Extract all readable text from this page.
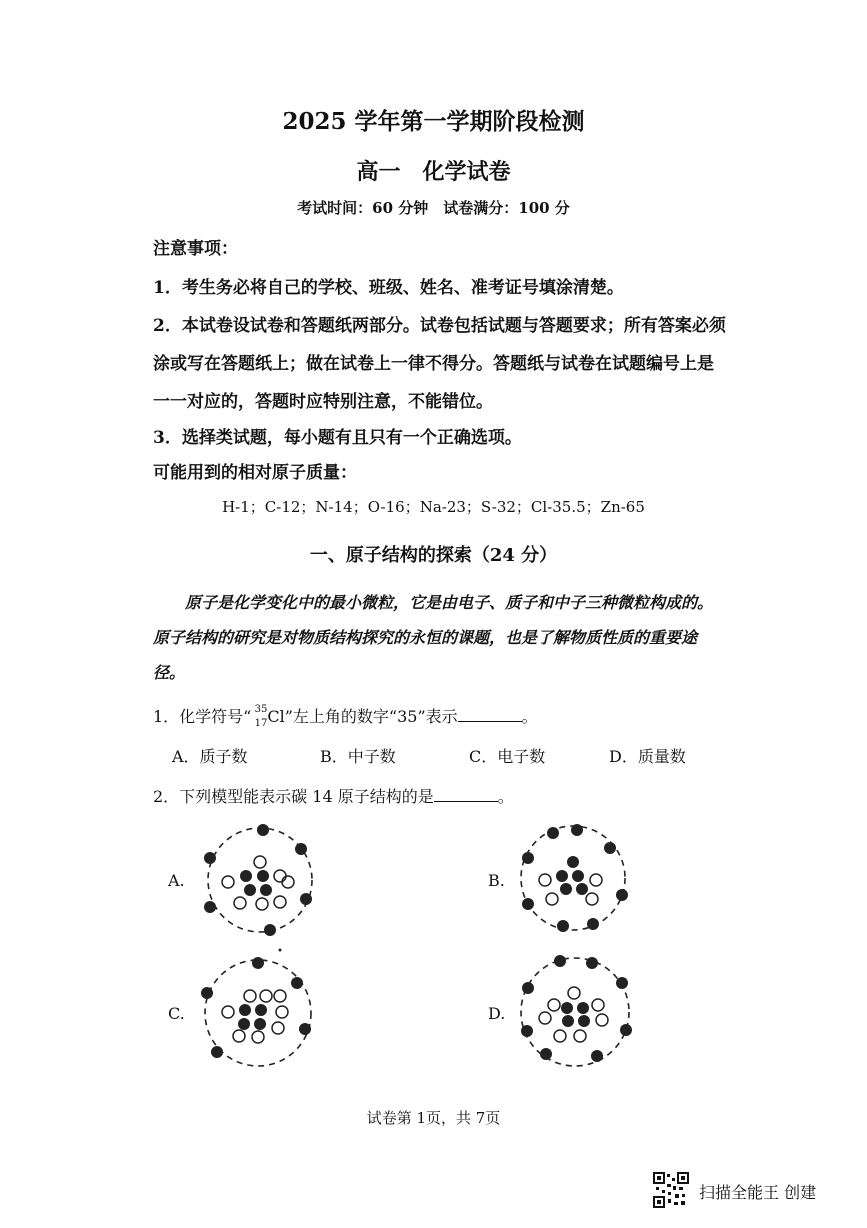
2025 学年第一学期阶段检测
高一　化学试卷
考试时间：60 分钟　试卷满分：100 分
注意事项：
1．考生务必将自己的学校、班级、姓名、准考证号填涂清楚。
2．本试卷设试卷和答题纸两部分。试卷包括试题与答题要求；所有答案必须涂或写在答题纸上；做在试卷上一律不得分。答题纸与试卷在试题编号上是一一对应的，答题时应特别注意，不能错位。
3．选择类试题，每小题有且只有一个正确选项。
可能用到的相对原子质量：
H-1；C-12；N-14；O-16；Na-23；S-32；Cl-35.5；Zn-65
一、原子结构的探索（24 分）
原子是化学变化中的最小微粒，它是由电子、质子和中子三种微粒构成的。原子结构的研究是对物质结构探究的永恒的课题，也是了解物质性质的重要途径。
1．化学符号“ 35
17 Cl”左上角的数字“35”表示	。
A．质子数	B．中子数	C．电子数	D．质量数
2．下列模型能表示碳 14 原子结构的是	。
A.	B.
C.	D.
试卷第 1页，共 7页
扫描全能王 创建
